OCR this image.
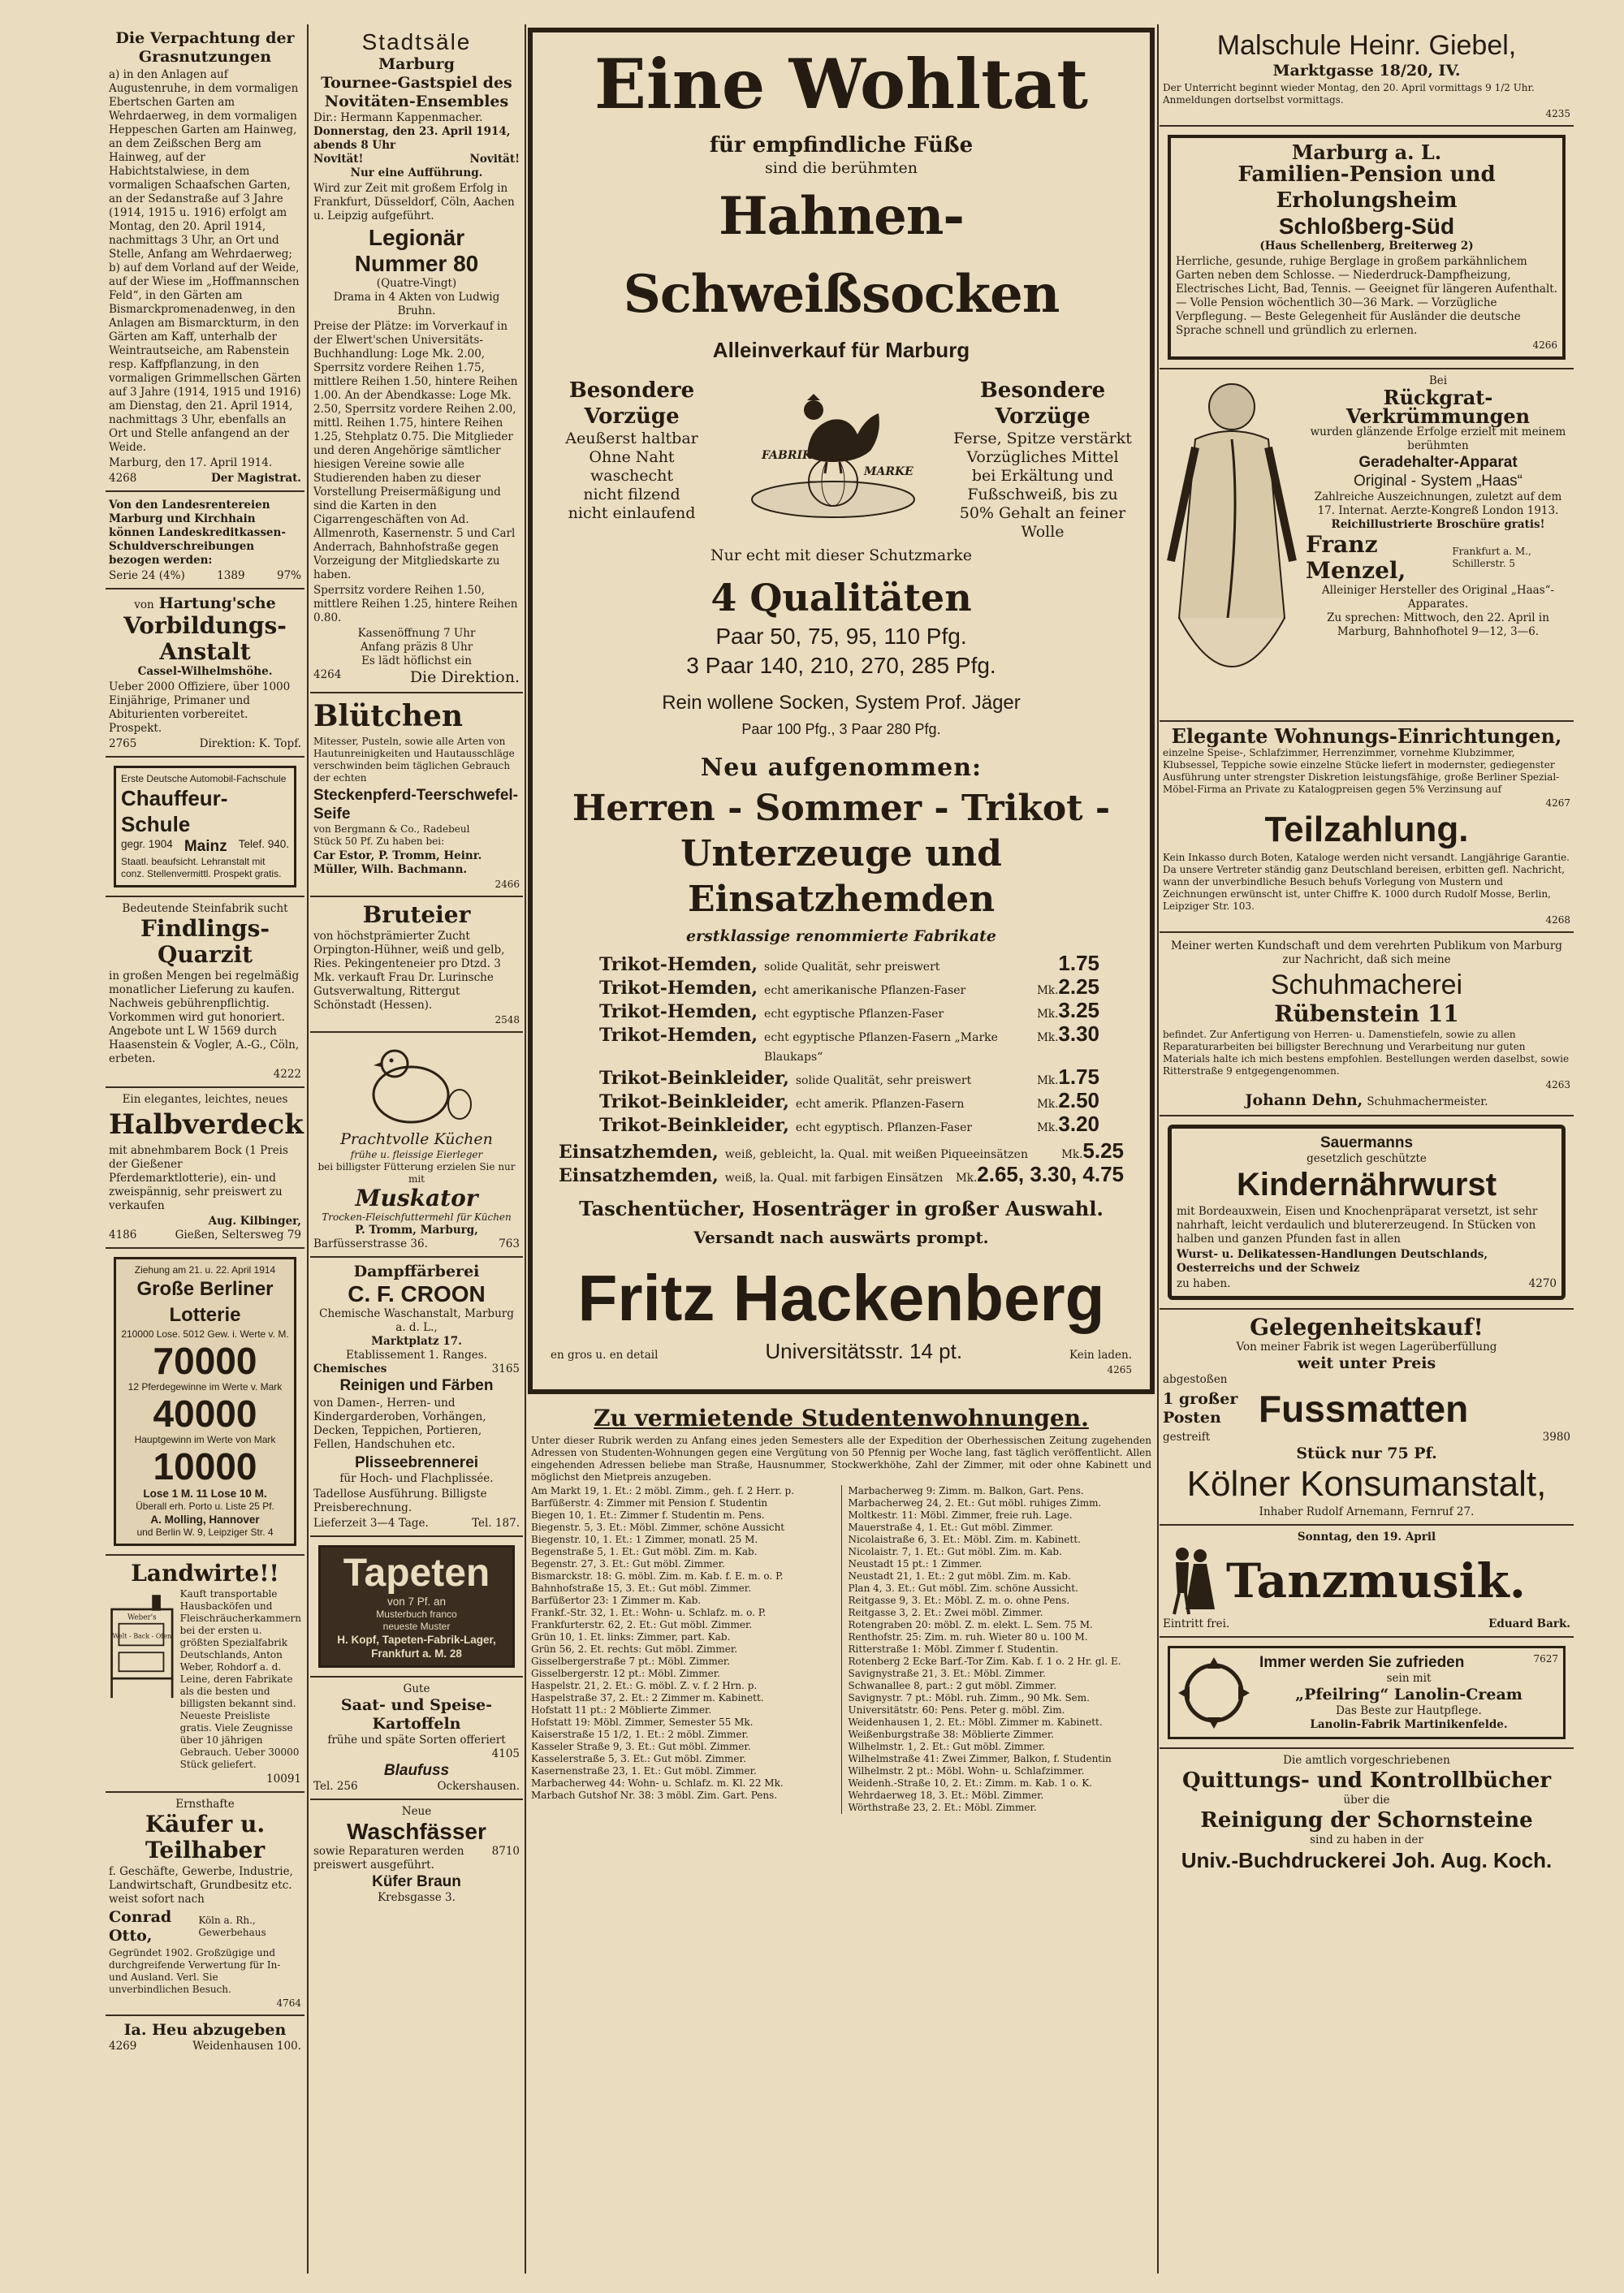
Die Verpachtung der Grasnutzungen

a) in den Anlagen auf Augustenruhe, in dem vormaligen Ebertschen Garten am Wehrdaerweg, in dem vormaligen Heppeschen Garten am Hainweg, an dem Zeißschen Berg am Hainweg, auf der Habichtstalwiese, in dem vormaligen Schaafschen Garten, an der Sedanstraße auf 3 Jahre (1914, 1915 u. 1916) erfolgt am Montag, den 20. April 1914, nachmittags 3 Uhr, an Ort und Stelle, Anfang am Wehrdaerweg; b) auf dem Vorland auf der Weide, auf der Wiese im „Hoffmannschen Feld“, in den Gärten am Bismarckpromenadenweg, in den Anlagen am Bismarckturm, in den Gärten am Kaff, unterhalb der Weintrautseiche, am Rabenstein resp. Kaffpflanzung, in den vormaligen Grimmellschen Gärten auf 3 Jahre (1914, 1915 und 1916) am Dienstag, den 21. April 1914, nachmittags 3 Uhr, ebenfalls an Ort und Stelle anfangend an der Weide.

Marburg, den 17. April 1914.

4268	Der Magistrat.

Von den Landesrentereien Marburg und Kirchhain können Landeskreditkassen-Schuldverschreibungen bezogen werden:

Serie 24 (4%)	1389	97%
von Hartung'sche
Vorbildungs-Anstalt
Cassel-Wilhelmshöhe.

Ueber 2000 Offiziere, über 1000 Einjährige, Primaner und Abiturienten vorbereitet. Prospekt.

2765	Direktion: K. Topf.
Erste Deutsche Automobil-Fachschule
Chauffeur-Schule
gegr. 1904 Mainz Telef. 940.
Staatl. beaufsicht. Lehranstalt mit conz. Stellenvermittl. Prospekt gratis.
Bedeutende Steinfabrik sucht
Findlings-Quarzit

in großen Mengen bei regelmäßig monatlicher Lieferung zu kaufen. Nachweis gebührenpflichtig. Vorkommen wird gut honoriert. Angebote unt L W 1569 durch Haasenstein & Vogler, A.-G., Cöln, erbeten.

4222
Ein elegantes, leichtes, neues
Halbverdeck

mit abnehmbarem Bock (1 Preis der Gießener Pferdemarktlotterie), ein- und zweispännig, sehr preiswert zu verkaufen

Aug. Kilbinger,
4186	Gießen, Seltersweg 79
Ziehung am 21. u. 22. April 1914
Große Berliner Lotterie
210000 Lose. 5012 Gew. i. Werte v. M.
70000
12 Pferdegewinne im Werte v. Mark
40000
Hauptgewinn im Werte von Mark
10000
Lose 1 M. 11 Lose 10 M.
Überall erh. Porto u. Liste 25 Pf.
A. Molling, Hannover
und Berlin W. 9, Leipziger Str. 4
Landwirte!!
Weber's
Welt - Back - Ofen

Kauft transportable Hausbacköfen und Fleischräucherkammern bei der ersten u. größten Spezialfabrik Deutschlands, Anton Weber, Rohdorf a. d. Leine, deren Fabrikate als die besten und billigsten bekannt sind. Neueste Preisliste gratis. Viele Zeugnisse über 10 jährigen Gebrauch. Ueber 30000 Stück geliefert.

10091
Ernsthafte
Käufer u.
Teilhaber

f. Geschäfte, Gewerbe, Industrie, Landwirtschaft, Grundbesitz etc. weist sofort nach

Conrad Otto,
Köln a. Rh., Gewerbehaus

Gegründet 1902. Großzügige und durchgreifende Verwertung für In- und Ausland. Verl. Sie unverbindlichen Besuch.

4764
Ia. Heu abzugeben
4269	Weidenhausen 100.
Stadtsäle
Marburg
Tournee-Gastspiel des Novitäten-Ensembles
Dir.: Hermann Kappenmacher.
Donnerstag, den 23. April 1914, abends 8 Uhr
Novität!	Novität!
Nur eine Aufführung.

Wird zur Zeit mit großem Erfolg in Frankfurt, Düsseldorf, Cöln, Aachen u. Leipzig aufgeführt.

Legionär
Nummer 80
(Quatre-Vingt)
Drama in 4 Akten von Ludwig Bruhn.

Preise der Plätze: im Vorverkauf in der Elwert'schen Universitäts-Buchhandlung: Loge Mk. 2.00, Sperrsitz vordere Reihen 1.75, mittlere Reihen 1.50, hintere Reihen 1.00. An der Abendkasse: Loge Mk. 2.50, Sperrsitz vordere Reihen 2.00, mittl. Reihen 1.75, hintere Reihen 1.25, Stehplatz 0.75. Die Mitglieder und deren Angehörige sämtlicher hiesigen Vereine sowie alle Studierenden haben zu dieser Vorstellung Preisermäßigung und sind die Karten in den Cigarrengeschäften von Ad. Allmenroth, Kasernenstr. 5 und Carl Anderrach, Bahnhofstraße gegen Vorzeigung der Mitgliedskarte zu haben.

Sperrsitz vordere Reihen 1.50, mittlere Reihen 1.25, hintere Reihen 0.80.

Kassenöffnung 7 Uhr
Anfang präzis 8 Uhr
Es lädt höflichst ein
4264	Die Direktion.
Blütchen

Mitesser, Pusteln, sowie alle Arten von Hautunreinigkeiten und Hautausschläge verschwinden beim täglichen Gebrauch der echten

Steckenpferd-Teerschwefel-Seife
von Bergmann & Co., Radebeul
Stück 50 Pf. Zu haben bei:

Car Estor, P. Tromm, Heinr. Müller, Wilh. Bachmann.

2466
Bruteier

von höchstprämierter Zucht Orpington-Hühner, weiß und gelb, Ries. Pekingenteneier pro Dtzd. 3 Mk. verkauft Frau Dr. Lurinsche Gutsverwaltung, Rittergut Schönstadt (Hessen).

2548
Prachtvolle Küchen
frühe u. fleissige Eierleger
bei billigster Fütterung erzielen Sie nur mit
Muskator
Trocken-Fleischfuttermehl für Küchen
P. Tromm, Marburg,
Barfüsserstrasse 36.	763
Dampffärberei
C. F. CROON
Chemische Waschanstalt, Marburg a. d. L.,
Marktplatz 17.
Etablissement 1. Ranges.
Chemisches	3165
Reinigen und Färben

von Damen-, Herren- und Kindergarderoben, Vorhängen, Decken, Teppichen, Portieren, Fellen, Handschuhen etc.

Plisseebrennerei
für Hoch- und Flachplissée.

Tadellose Ausführung. Billigste Preisberechnung.

Lieferzeit 3—4 Tage.	Tel. 187.
Tapeten
von 7 Pf. an
Musterbuch franco
neueste Muster
H. Kopf, Tapeten-Fabrik-Lager, Frankfurt a. M. 28
Gute
Saat- und Speise-Kartoffeln
frühe und späte Sorten offeriert
4105
Blaufuss
Tel. 256	Ockershausen.
Neue
Waschfässer
sowie Reparaturen werden preiswert ausgeführt.
8710
Küfer Braun
Krebsgasse 3.
Eine Wohltat
für empfindliche Füße
sind die berühmten
Hahnen-Schweißsocken
Alleinverkauf für Marburg
Besondere Vorzüge
Aeußerst haltbar
Ohne Naht
waschecht
nicht filzend
nicht einlaufend
FABRIK-
MARKE
Besondere Vorzüge
Ferse, Spitze verstärkt
Vorzügliches Mittel
bei Erkältung und
Fußschweiß, bis zu
50% Gehalt an feiner
Wolle
Nur echt mit dieser Schutzmarke
4 Qualitäten
Paar 50, 75, 95, 110 Pfg.
3 Paar 140, 210, 270, 285 Pfg.
Rein wollene Socken, System Prof. Jäger
Paar 100 Pfg., 3 Paar 280 Pfg.
Neu aufgenommen:
Herren - Sommer - Trikot - Unterzeuge und Einsatzhemden
erstklassige renommierte Fabrikate
Trikot-Hemden, solide Qualität, sehr preiswert	1.75
Trikot-Hemden, echt amerikanische Pflanzen-Faser	Mk. 2.25
Trikot-Hemden, echt egyptische Pflanzen-Faser	Mk. 3.25
Trikot-Hemden, echt egyptische Pflanzen-Fasern „Marke Blaukaps“
Mk. 3.30
Trikot-Beinkleider, solide Qualität, sehr preiswert	Mk. 1.75
Trikot-Beinkleider, echt amerik. Pflanzen-Fasern	Mk. 2.50
Trikot-Beinkleider, echt egyptisch. Pflanzen-Faser	Mk. 3.20
Einsatzhemden, weiß, gebleicht, la. Qual. mit weißen Piqueeinsätzen	Mk. 5.25
Einsatzhemden, weiß, la. Qual. mit farbigen Einsätzen	Mk. 2.65, 3.30, 4.75
Taschentücher, Hosenträger in großer Auswahl.
Versandt nach auswärts prompt.
Fritz Hackenberg
en gros u. en detail	Universitätsstr. 14 pt.	Kein laden.
4265
Zu vermietende Studentenwohnungen.

Unter dieser Rubrik werden zu Anfang eines jeden Semesters alle der Expedition der Oberhessischen Zeitung zugehenden Adressen von Studenten-Wohnungen gegen eine Vergütung von 50 Pfennig per Woche lang, fast täglich veröffentlicht. Allen eingehenden Adressen beliebe man Straße, Hausnummer, Stockwerkhöhe, Zahl der Zimmer, mit oder ohne Kabinett und möglichst den Mietpreis anzugeben.

Am Markt 19, 1. Et.: 2 möbl. Zimm., geh. f. 2 Herr. p.
Barfüßerstr. 4: Zimmer mit Pension f. Studentin
Biegen 10, 1. Et.: Zimmer f. Studentin m. Pens.
Biegenstr. 5, 3. Et.: Möbl. Zimmer, schöne Aussicht
Biegenstr. 10, 1. Et.: 1 Zimmer, monatl. 25 M.
Begenstraße 5, 1. Et.: Gut möbl. Zim. m. Kab.
Begenstr. 27, 3. Et.: Gut möbl. Zimmer.
Bismarckstr. 18: G. möbl. Zim. m. Kab. f. E. m. o. P.
Bahnhofstraße 15, 3. Et.: Gut möbl. Zimmer.
Barfüßertor 23: 1 Zimmer m. Kab.
Frankf.-Str. 32, 1. Et.: Wohn- u. Schlafz. m. o. P.
Frankfurterstr. 62, 2. Et.: Gut möbl. Zimmer.
Grün 10, 1. Et. links: Zimmer, part. Kab.
Grün 56, 2. Et. rechts: Gut möbl. Zimmer.
Gisselbergerstraße 7 pt.: Möbl. Zimmer.
Gisselbergerstr. 12 pt.: Möbl. Zimmer.
Haspelstr. 21, 2. Et.: G. möbl. Z. v. f. 2 Hrn. p.
Haspelstraße 37, 2. Et.: 2 Zimmer m. Kabinett.
Hofstatt 11 pt.: 2 Möblierte Zimmer.
Hofstatt 19: Möbl. Zimmer, Semester 55 Mk.
Kaiserstraße 15 1/2, 1. Et.: 2 möbl. Zimmer.
Kasseler Straße 9, 3. Et.: Gut möbl. Zimmer.
Kasselerstraße 5, 3. Et.: Gut möbl. Zimmer.
Kasernenstraße 23, 1. Et.: Gut möbl. Zimmer.
Marbacherweg 44: Wohn- u. Schlafz. m. Kl. 22 Mk.
Marbach Gutshof Nr. 38: 3 möbl. Zim. Gart. Pens.
Marbacherweg 9: Zimm. m. Balkon, Gart. Pens.
Marbacherweg 24, 2. Et.: Gut möbl. ruhiges Zimm.
Moltkestr. 11: Möbl. Zimmer, freie ruh. Lage.
Mauerstraße 4, 1. Et.: Gut möbl. Zimmer.
Nicolaistraße 6, 3. Et.: Möbl. Zim. m. Kabinett.
Nicolaistr. 7, 1. Et.: Gut möbl. Zim. m. Kab.
Neustadt 15 pt.: 1 Zimmer.
Neustadt 21, 1. Et.: 2 gut möbl. Zim. m. Kab.
Plan 4, 3. Et.: Gut möbl. Zim. schöne Aussicht.
Reitgasse 9, 3. Et.: Möbl. Z. m. o. ohne Pens.
Reitgasse 3, 2. Et.: Zwei möbl. Zimmer.
Rotengraben 20: möbl. Z. m. elekt. L. Sem. 75 M.
Renthofstr. 25: Zim. m. ruh. Wieter 80 u. 100 M.
Ritterstraße 1: Möbl. Zimmer f. Studentin.
Rotenberg 2 Ecke Barf.-Tor Zim. Kab. f. 1 o. 2 Hr. gl. E.
Savignystraße 21, 3. Et.: Möbl. Zimmer.
Schwanallee 8, part.: 2 gut möbl. Zimmer.
Savignystr. 7 pt.: Möbl. ruh. Zimm., 90 Mk. Sem.
Universitätstr. 60: Pens. Peter g. möbl. Zim.
Weidenhausen 1, 2. Et.: Möbl. Zimmer m. Kabinett.
Weißenburgstraße 38: Möblierte Zimmer.
Wilhelmstr. 1, 2. Et.: Gut möbl. Zimmer.
Wilhelmstraße 41: Zwei Zimmer, Balkon, f. Studentin
Wilhelmstr. 2 pt.: Möbl. Wohn- u. Schlafzimmer.
Weidenh.-Straße 10, 2. Et.: Zimm. m. Kab. 1 o. K.
Wehrdaerweg 18, 3. Et.: Möbl. Zimmer.
Wörthstraße 23, 2. Et.: Möbl. Zimmer.
Malschule Heinr. Giebel,
Marktgasse 18/20, IV.

Der Unterricht beginnt wieder Montag, den 20. April vormittags 9 1/2 Uhr. Anmeldungen dortselbst vormittags.

4235
Marburg a. L.
Familien-Pension und Erholungsheim
Schloßberg-Süd
(Haus Schellenberg, Breiterweg 2)

Herrliche, gesunde, ruhige Berglage in großem parkähnlichem Garten neben dem Schlosse. — Niederdruck-Dampfheizung, Electrisches Licht, Bad, Tennis. — Geeignet für längeren Aufenthalt. — Volle Pension wöchentlich 30—36 Mark. — Vorzügliche Verpflegung. — Beste Gelegenheit für Ausländer die deutsche Sprache schnell und gründlich zu erlernen.

4266
Bei
Rückgrat-Verkrümmungen
wurden glänzende Erfolge erzielt mit meinem berühmten
Geradehalter-Apparat
Original - System „Haas“
Zahlreiche Auszeichnungen, zuletzt auf dem 17. Internat. Aerzte-Kongreß London 1913.
Reichillustrierte Broschüre gratis!
Franz Menzel,
Frankfurt a. M., Schillerstr. 5
Alleiniger Hersteller des Original „Haas“-Apparates.
Zu sprechen: Mittwoch, den 22. April in Marburg, Bahnhofhotel 9—12, 3—6.
Elegante Wohnungs-Einrichtungen,

einzelne Speise-, Schlafzimmer, Herrenzimmer, vornehme Klubzimmer, Klubsessel, Teppiche sowie einzelne Stücke liefert in modernster, gediegenster Ausführung unter strengster Diskretion leistungsfähige, große Berliner Spezial-Möbel-Firma an Private zu Katalogpreisen gegen 5% Verzinsung auf

4267
Teilzahlung.

Kein Inkasso durch Boten, Kataloge werden nicht versandt. Langjährige Garantie. Da unsere Vertreter ständig ganz Deutschland bereisen, erbitten gefl. Nachricht, wann der unverbindliche Besuch behufs Vorlegung von Mustern und Zeichnungen erwünscht ist, unter Chiffre K. 1000 durch Rudolf Mosse, Berlin, Leipziger Str. 103.

4268

Meiner werten Kundschaft und dem verehrten Publikum von Marburg zur Nachricht, daß sich meine

Schuhmacherei
Rübenstein 11

befindet. Zur Anfertigung von Herren- u. Damenstiefeln, sowie zu allen Reparaturarbeiten bei billigster Berechnung und Verarbeitung nur guten Materials halte ich mich bestens empfohlen. Bestellungen werden daselbst, sowie Ritterstraße 9 entgegengenommen.

4263
Johann Dehn, Schuhmachermeister.
Sauermanns
gesetzlich geschützte
Kindernährwurst

mit Bordeauxwein, Eisen und Knochenpräparat versetzt, ist sehr nahrhaft, leicht verdaulich und blutererzeugend. In Stücken von halben und ganzen Pfunden fast in allen

Wurst- u. Delikatessen-Handlungen Deutschlands, Oesterreichs und der Schweiz

zu haben.	4270
Gelegenheitskauf!
Von meiner Fabrik ist wegen Lagerüberfüllung
weit unter Preis
abgestoßen
1 großer Posten	Fussmatten
gestreift	3980
Stück nur 75 Pf.
Kölner Konsumanstalt,
Inhaber Rudolf Arnemann, Fernruf 27.
Sonntag, den 19. April
Tanzmusik.
Eintritt frei.	Eduard Bark.
Immer werden Sie zufrieden	7627
sein mit
„Pfeilring“ Lanolin-Cream
Das Beste zur Hautpflege.
Lanolin-Fabrik Martinikenfelde.
Die amtlich vorgeschriebenen
Quittungs- und Kontrollbücher
über die
Reinigung der Schornsteine
sind zu haben in der
Univ.-Buchdruckerei Joh. Aug. Koch.
